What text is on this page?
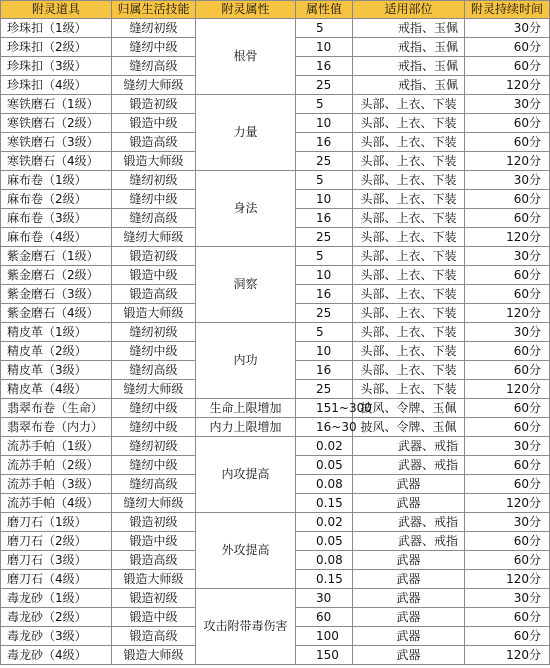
附灵道具	归属生活技能	附灵属性	属性值	适用部位	附灵持续时间
珍珠扣（1级）	缝纫初级	根骨	5	戒指、玉佩	30分
珍珠扣（2级）	缝纫中级		10	戒指、玉佩	60分
珍珠扣（3级）	缝纫高级		16	戒指、玉佩	60分
珍珠扣（4级）	缝纫大师级		25	戒指、玉佩	120分
寒铁磨石（1级）	锻造初级	力量	5	头部、上衣、下装	30分
寒铁磨石（2级）	锻造中级		10	头部、上衣、下装	60分
寒铁磨石（3级）	锻造高级		16	头部、上衣、下装	60分
寒铁磨石（4级）	锻造大师级		25	头部、上衣、下装	120分
麻布卷（1级）	缝纫初级	身法	5	头部、上衣、下装	30分
麻布卷（2级）	缝纫中级		10	头部、上衣、下装	60分
麻布卷（3级）	缝纫高级		16	头部、上衣、下装	60分
麻布卷（4级）	缝纫大师级		25	头部、上衣、下装	120分
紫金磨石（1级）	锻造初级	洞察	5	头部、上衣、下装	30分
紫金磨石（2级）	锻造中级		10	头部、上衣、下装	60分
紫金磨石（3级）	锻造高级		16	头部、上衣、下装	60分
紫金磨石（4级）	锻造大师级		25	头部、上衣、下装	120分
精皮革（1级）	缝纫初级	内功	5	头部、上衣、下装	30分
精皮革（2级）	缝纫中级		10	头部、上衣、下装	60分
精皮革（3级）	缝纫高级		16	头部、上衣、下装	60分
精皮革（4级）	缝纫大师级		25	头部、上衣、下装	120分
翡翠布卷（生命）	缝纫中级	生命上限增加	151~300	披风、令牌、玉佩	60分
翡翠布卷（内力）	缝纫中级	内力上限增加	16~30	披风、令牌、玉佩	60分
流苏手帕（1级）	缝纫初级	内攻提高	0.02	武器、戒指	30分
流苏手帕（2级）	缝纫中级		0.05	武器、戒指	60分
流苏手帕（3级）	缝纫高级		0.08	武器	60分
流苏手帕（4级）	缝纫大师级		0.15	武器	120分
磨刀石（1级）	锻造初级	外攻提高	0.02	武器、戒指	30分
磨刀石（2级）	锻造中级		0.05	武器、戒指	60分
磨刀石（3级）	锻造高级		0.08	武器	60分
磨刀石（4级）	锻造大师级		0.15	武器	120分
毒龙砂（1级）	锻造初级	攻击附带毒伤害	30	武器	30分
毒龙砂（2级）	锻造中级		60	武器	60分
毒龙砂（3级）	锻造高级		100	武器	60分
毒龙砂（4级）	锻造大师级		150	武器	120分
